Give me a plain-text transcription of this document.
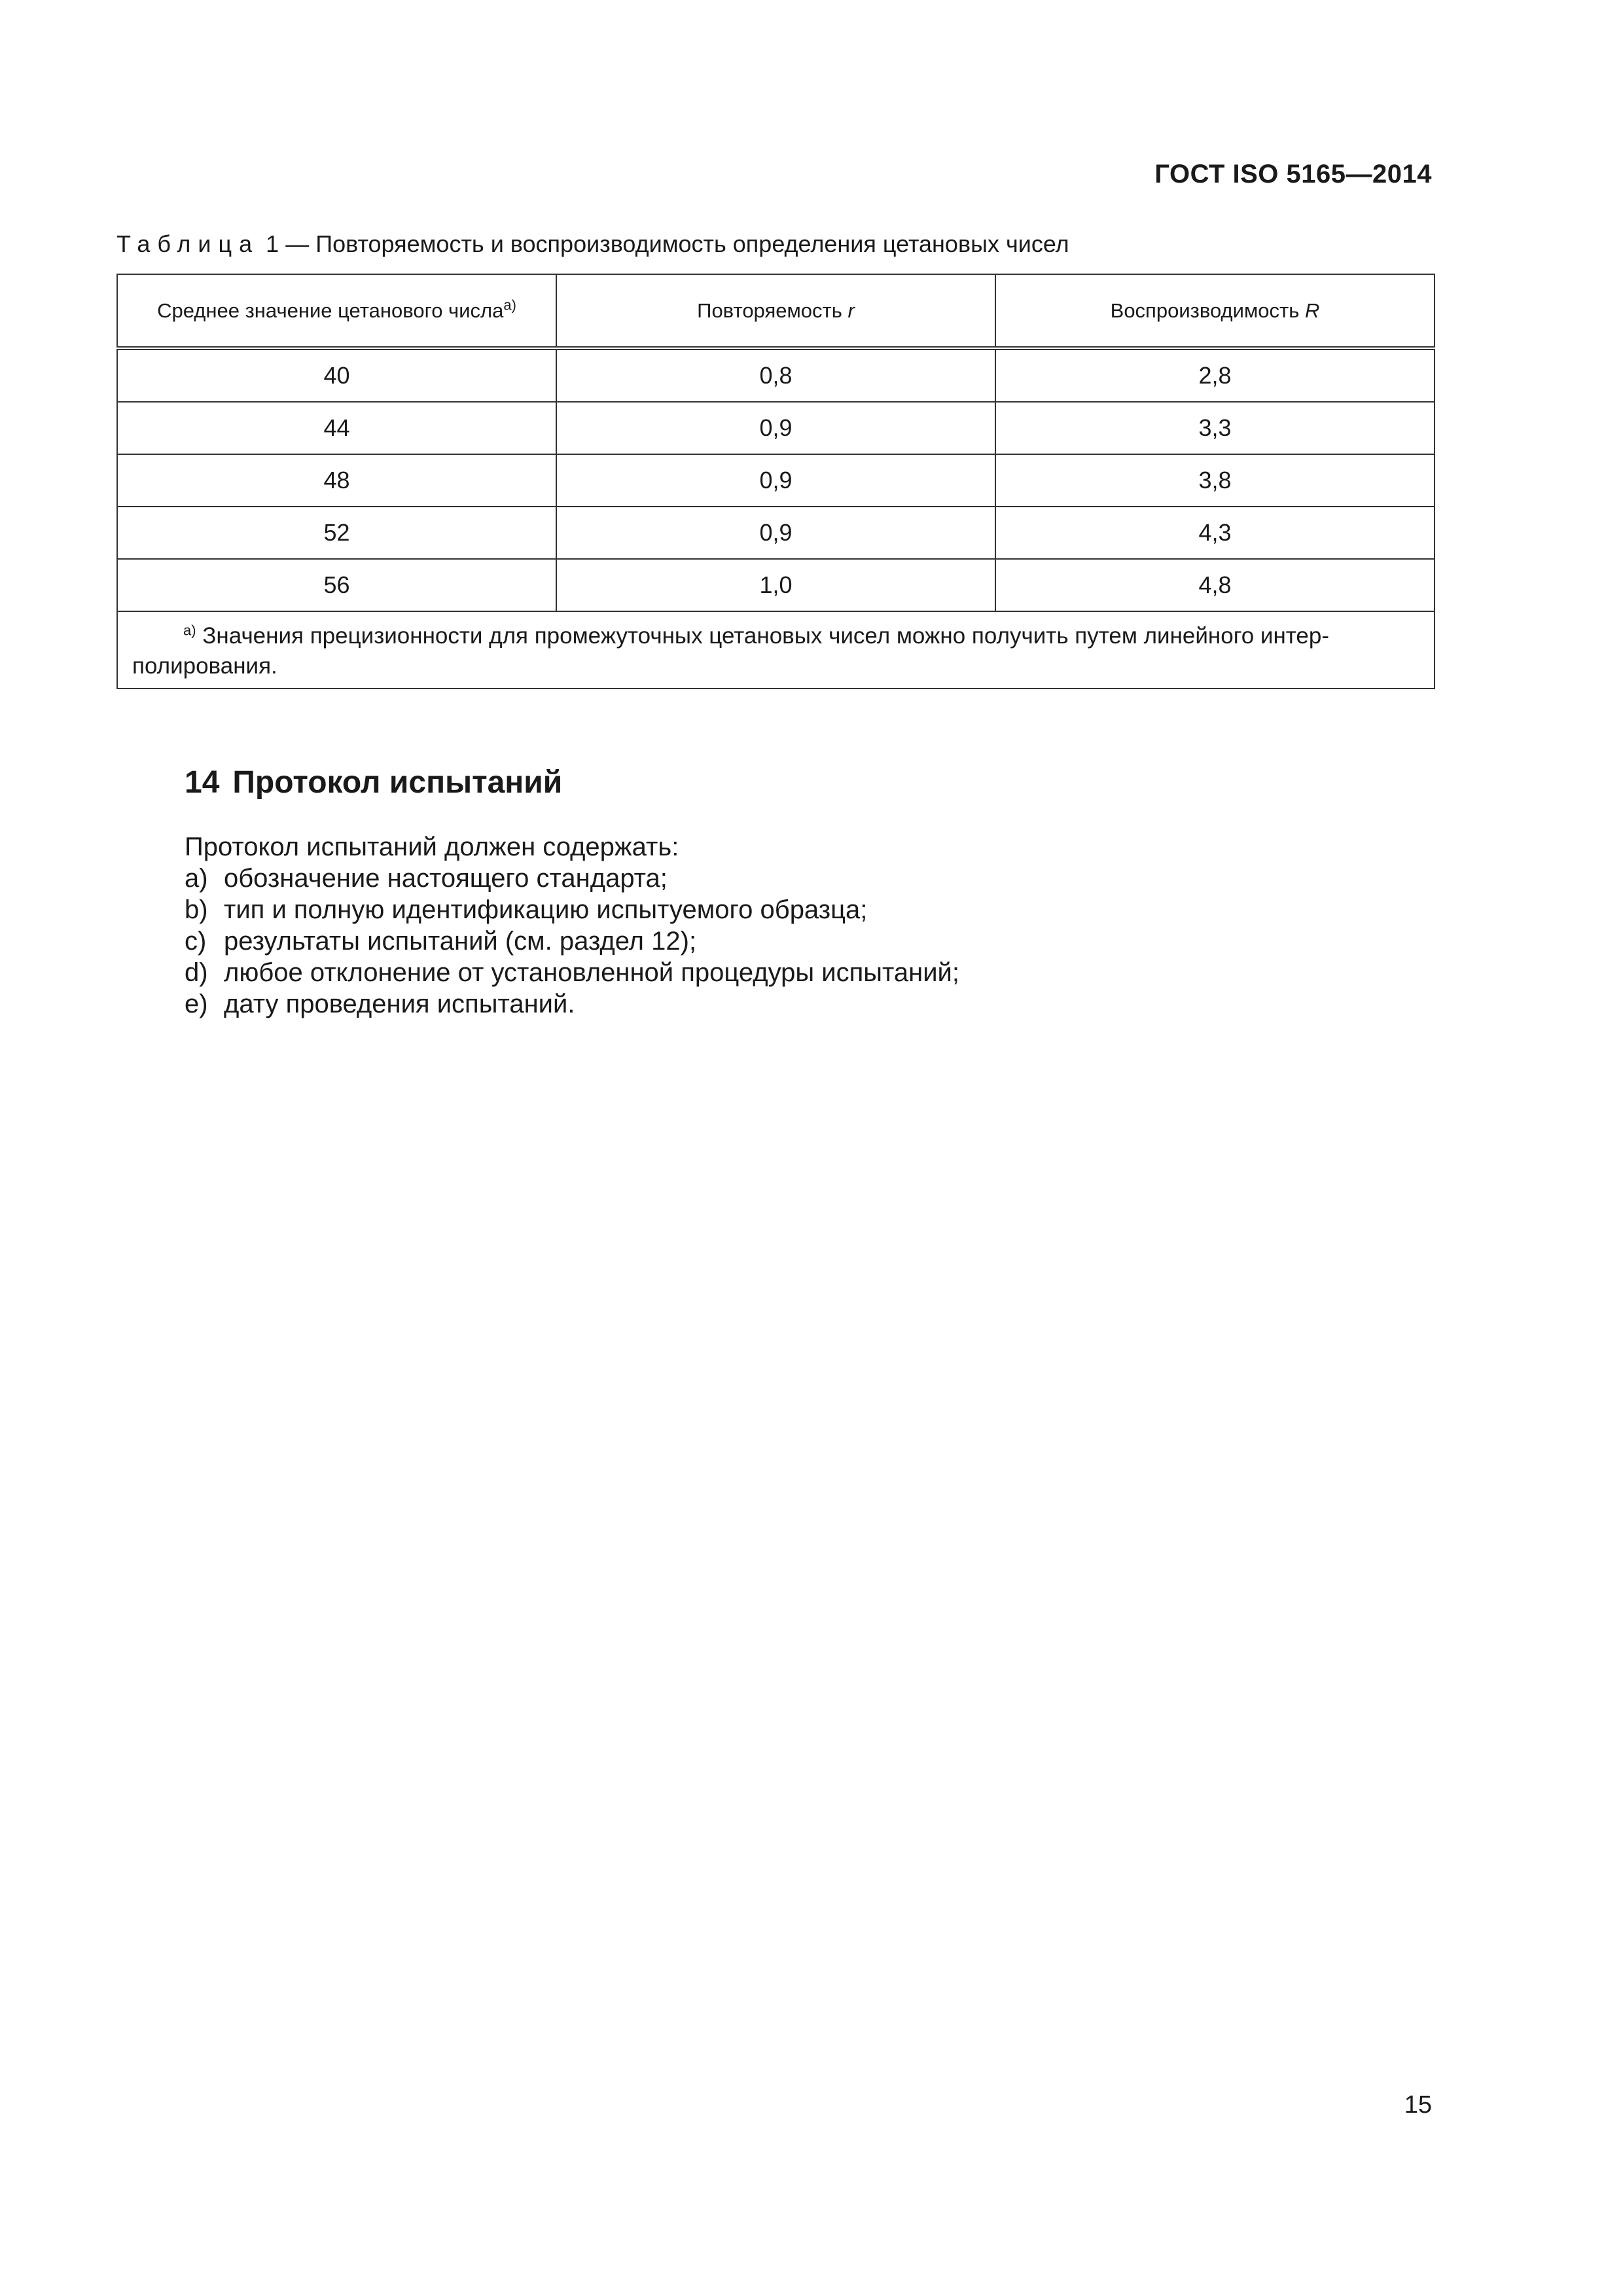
ГОСТ ISO 5165—2014
Таблица 1 — Повторяемость и воспроизводимость определения цетановых чисел
Среднее значение цетанового числа$^{а)}$	Повторяемость r	Воспроизводимость R
40	0,8	2,8
44	0,9	3,3
48	0,9	3,8
52	0,9	4,3
56	1,0	4,8
$^{а)}$ Значения прецизионности для промежуточных цетановых чисел можно получить путем линейного интер-полирования.		
14 Протокол испытаний
Протокол испытаний должен содержать:
a) обозначение настоящего стандарта;
b) тип и полную идентификацию испытуемого образца;
c) результаты испытаний (см. раздел 12);
d) любое отклонение от установленной процедуры испытаний;
e) дату проведения испытаний.
15
